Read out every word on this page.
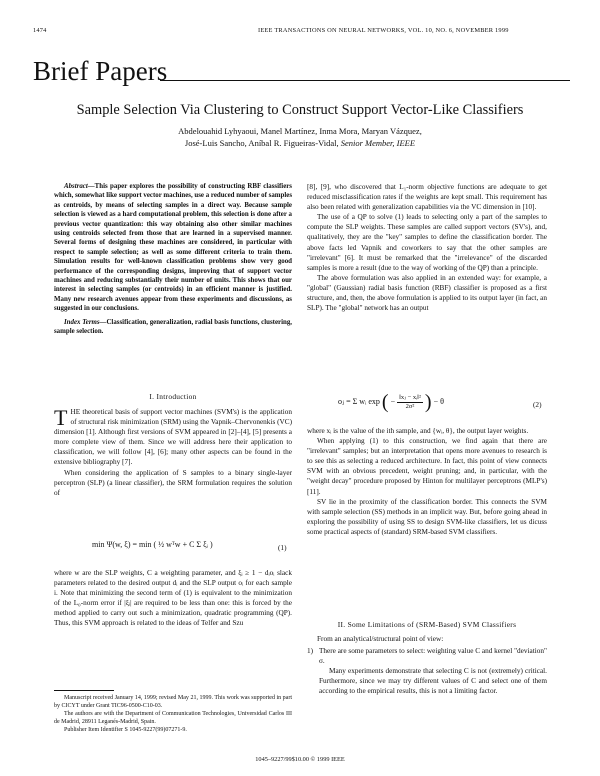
1474	IEEE TRANSACTIONS ON NEURAL NETWORKS, VOL. 10, NO. 6, NOVEMBER 1999
Brief Papers
Sample Selection Via Clustering to Construct Support Vector-Like Classifiers
Abdelouahid Lyhyaoui, Manel Martínez, Inma Mora, Maryan Vázquez,
José-Luis Sancho, Aníbal R. Figueiras-Vidal, Senior Member, IEEE

Abstract—This paper explores the possibility of constructing RBF classifiers which, somewhat like support vector machines, use a reduced number of samples as centroids, by means of selecting samples in a direct way. Because sample selection is viewed as a hard computational problem, this selection is done after a previous vector quantization: this way obtaining also other similar machines using centroids selected from those that are learned in a supervised manner. Several forms of designing these machines are considered, in particular with respect to sample selection; as well as some different criteria to train them. Simulation results for well-known classification problems show very good performance of the corresponding designs, improving that of support vector machines and reducing substantially their number of units. This shows that our interest in selecting samples (or centroids) in an efficient manner is justified. Many new research avenues appear from these experiments and discussions, as suggested in our conclusions.

Index Terms—Classification, generalization, radial basis functions, clustering, sample selection.

I. Introduction

THE theoretical basis of support vector machines (SVM's) is the application of structural risk minimization (SRM) using the Vapnik–Chervonenkis (VC) dimension [1]. Although first versions of SVM appeared in [2]–[4], [5] presents a more complete view of them. Since we will address here their application to classification, we will follow [4], [6]; many other aspects can be found in the extensive bibliography [7].

When considering the application of S samples to a binary single-layer perceptron (SLP) (a linear classifier), the SRM formulation requires the solution of

min Ψ(w, ξ) = min ( ½ wᵀw + C Σ ξᵢ )	(1)

where w are the SLP weights, C a weighting parameter, and ξᵢ ≥ 1 − dᵢoᵢ slack parameters related to the desired output dᵢ and the SLP output oᵢ for each sample i. Note that minimizing the second term of (1) is equivalent to the minimization of the L₀-norm error if |ξᵢ| are required to be less than one: this is forced by the method applied to carry out such a minimization, quadratic programming (QP). Thus, this SVM approach is related to the ideas of Telfer and Szu

Manuscript received January 14, 1999; revised May 21, 1999. This work was supported in part by CICYT under Grant TIC96-0500-C10-03.

The authors are with the Department of Communication Technologies, Universidad Carlos III de Madrid, 28911 Leganés-Madrid, Spain.

Publisher Item Identifier S 1045-9227(99)07271-9.

[8], [9], who discovered that L₁-norm objective functions are adequate to get reduced misclassification rates if the weights are kept small. This requirement has also been related with generalization capabilities via the VC dimension in [10].

The use of a QP to solve (1) leads to selecting only a part of the samples to compute the SLP weights. These samples are called support vectors (SV's), and, qualitatively, they are the "key" samples to define the classification border. The above facts led Vapnik and coworkers to say that the other samples are "irrelevant" [6]. It must be remarked that the "irrelevance" of the discarded samples is more a result (due to the way of working of the QP) than a principle.

The above formulation was also applied in an extended way: for example, a "global" (Gaussian) radial basis function (RBF) classifier is proposed as a first structure, and, then, the above formulation is applied to its output layer (in fact, an SLP). The "global" network has an output

oⱼ = Σ wᵢ exp ( − $\frac{\text{‖xⱼ − xᵢ‖²}}{\text{2σ²}}$ ) − θ	(2)

where xᵢ is the value of the ith sample, and {wᵢ, θ}, the output layer weights.

When applying (1) to this construction, we find again that there are "irrelevant" samples; but an interpretation that opens more avenues to research is to see this as selecting a reduced architecture. In fact, this point of view connects SVM with an obvious precedent, weight pruning; and, in particular, with the "weight decay" procedure proposed by Hinton for multilayer perceptrons (MLP's) [11].

SV lie in the proximity of the classification border. This connects the SVM with sample selection (SS) methods in an implicit way. But, before going ahead in exploring the possibility of using SS to design SVM-like classifiers, let us dicuss some practical aspects of (standard) SRM-based SVM classifiers.

II. Some Limitations of (SRM-Based) SVM Classifiers

From an analytical/structural point of view:

1) There are some parameters to select: weighting value C and kernel "deviation" σ.

Many experiments demonstrate that selecting C is not (extremely) critical. Furthermore, since we may try different values of C and select one of them according to the empirical results, this is not a limiting factor.

1045–9227/99$10.00 © 1999 IEEE
